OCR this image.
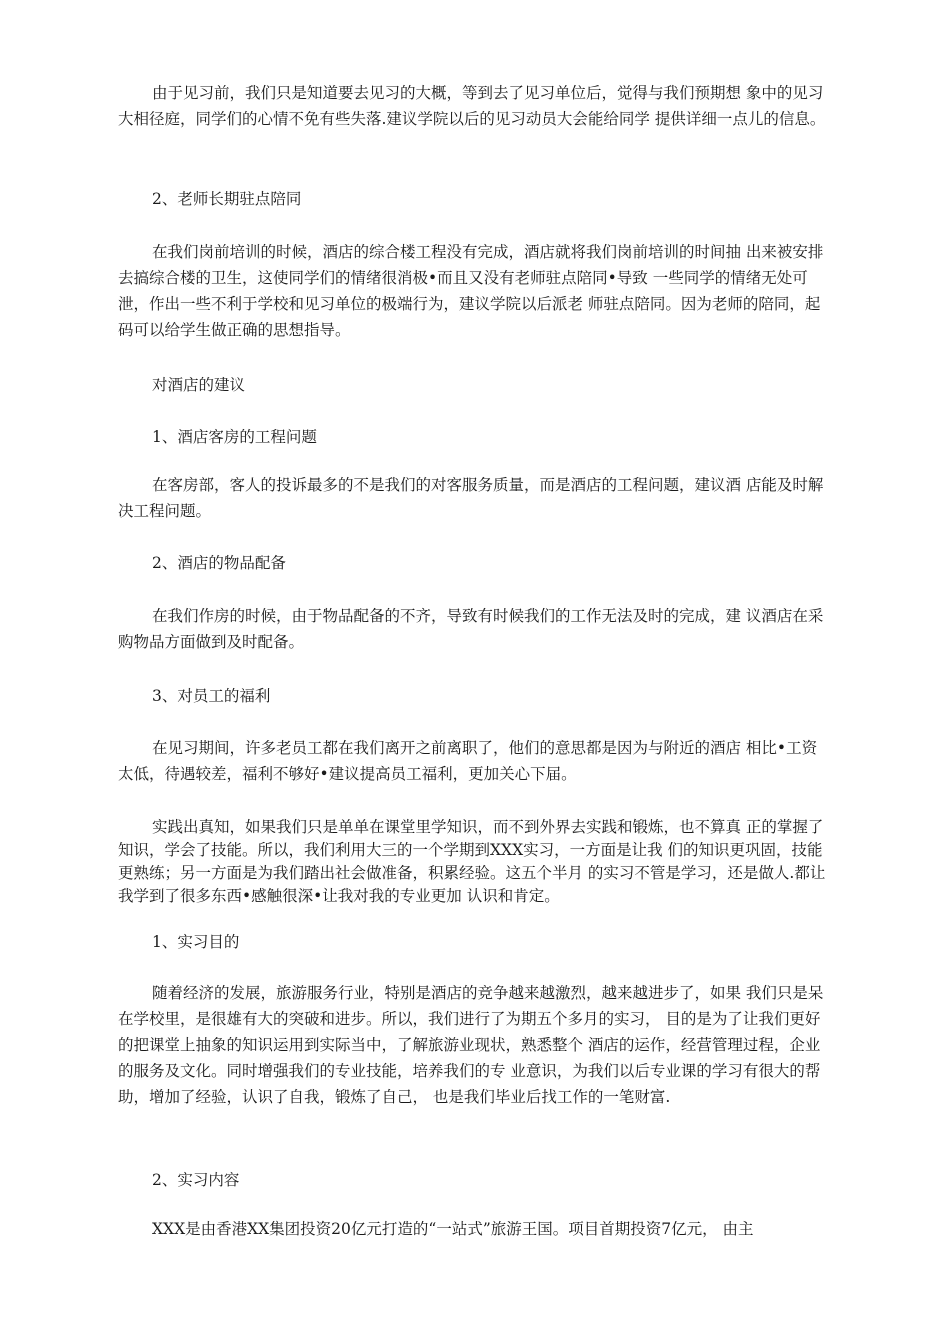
由于见习前，我们只是知道要去见习的大概，等到去了见习单位后，觉得与我们预期想 象中的见习大相径庭，同学们的心情不免有些失落.建议学院以后的见习动员大会能给同学 提供详细一点儿的信息。
2、老师长期驻点陪同
在我们岗前培训的时候，酒店的综合楼工程没有完成，酒店就将我们岗前培训的时间抽 出来被安排去搞综合楼的卫生，这使同学们的情绪很消极•而且又没有老师驻点陪同•导致 一些同学的情绪无处可泄，作出一些不利于学校和见习单位的极端行为，建议学院以后派老 师驻点陪同。因为老师的陪同，起码可以给学生做正确的思想指导。
对酒店的建议
1、酒店客房的工程问题
在客房部，客人的投诉最多的不是我们的对客服务质量，而是酒店的工程问题，建议酒 店能及时解决工程问题。
2、酒店的物品配备
在我们作房的时候，由于物品配备的不齐，导致有时候我们的工作无法及时的完成，建 议酒店在采购物品方面做到及时配备。
3、对员工的福利
在见习期间，许多老员工都在我们离开之前离职了，他们的意思都是因为与附近的酒店 相比•工资太低，待遇较差，福利不够好•建议提高员工福利，更加关心下届。
实践出真知，如果我们只是单单在课堂里学知识，而不到外界去实践和锻炼，也不算真 正的掌握了知识，学会了技能。所以，我们利用大三的一个学期到XXX实习，一方面是让我 们的知识更巩固，技能更熟练；另一方面是为我们踏出社会做准备，积累经验。这五个半月 的实习不管是学习，还是做人.都让我学到了很多东西•感触很深•让我对我的专业更加 认识和肯定。
1、实习目的
随着经济的发展，旅游服务行业，特别是酒店的竞争越来越激烈，越来越进步了，如果 我们只是呆在学校里，是很雄有大的突破和进步。所以，我们进行了为期五个多月的实习， 目的是为了让我们更好的把课堂上抽象的知识运用到实际当中，了解旅游业现状，熟悉整个 酒店的运作，经营管理过程，企业的服务及文化。同时增强我们的专业技能，培养我们的专 业意识，为我们以后专业课的学习有很大的帮助，增加了经验，认识了自我，锻炼了自己， 也是我们毕业后找工作的一笔财富.
2、实习内容
XXX是由香港XX集团投资20亿元打造的“一站式”旅游王国。项目首期投资7亿元， 由主
